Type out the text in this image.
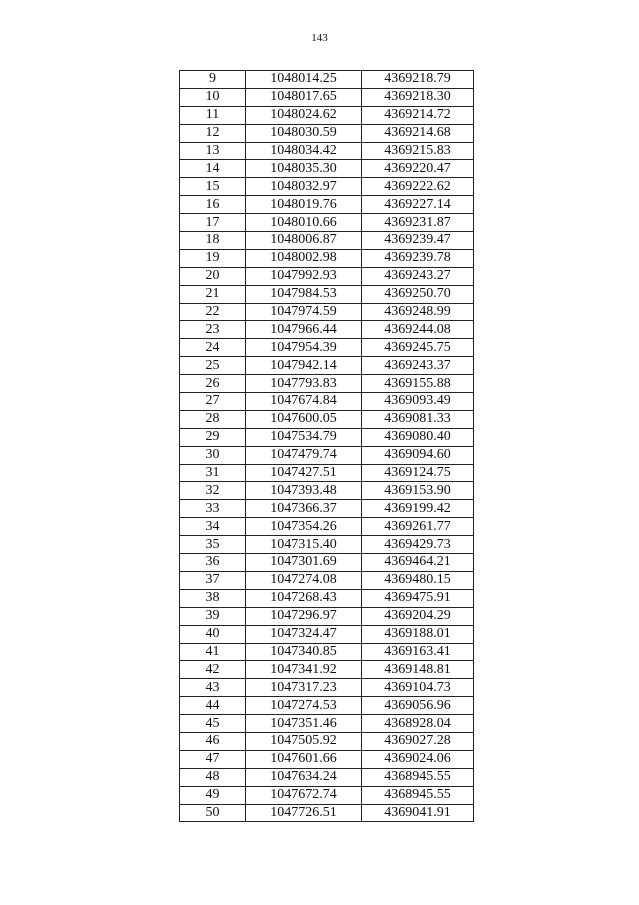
143
9	1048014.25	4369218.79
10	1048017.65	4369218.30
11	1048024.62	4369214.72
12	1048030.59	4369214.68
13	1048034.42	4369215.83
14	1048035.30	4369220.47
15	1048032.97	4369222.62
16	1048019.76	4369227.14
17	1048010.66	4369231.87
18	1048006.87	4369239.47
19	1048002.98	4369239.78
20	1047992.93	4369243.27
21	1047984.53	4369250.70
22	1047974.59	4369248.99
23	1047966.44	4369244.08
24	1047954.39	4369245.75
25	1047942.14	4369243.37
26	1047793.83	4369155.88
27	1047674.84	4369093.49
28	1047600.05	4369081.33
29	1047534.79	4369080.40
30	1047479.74	4369094.60
31	1047427.51	4369124.75
32	1047393.48	4369153.90
33	1047366.37	4369199.42
34	1047354.26	4369261.77
35	1047315.40	4369429.73
36	1047301.69	4369464.21
37	1047274.08	4369480.15
38	1047268.43	4369475.91
39	1047296.97	4369204.29
40	1047324.47	4369188.01
41	1047340.85	4369163.41
42	1047341.92	4369148.81
43	1047317.23	4369104.73
44	1047274.53	4369056.96
45	1047351.46	4368928.04
46	1047505.92	4369027.28
47	1047601.66	4369024.06
48	1047634.24	4368945.55
49	1047672.74	4368945.55
50	1047726.51	4369041.91
